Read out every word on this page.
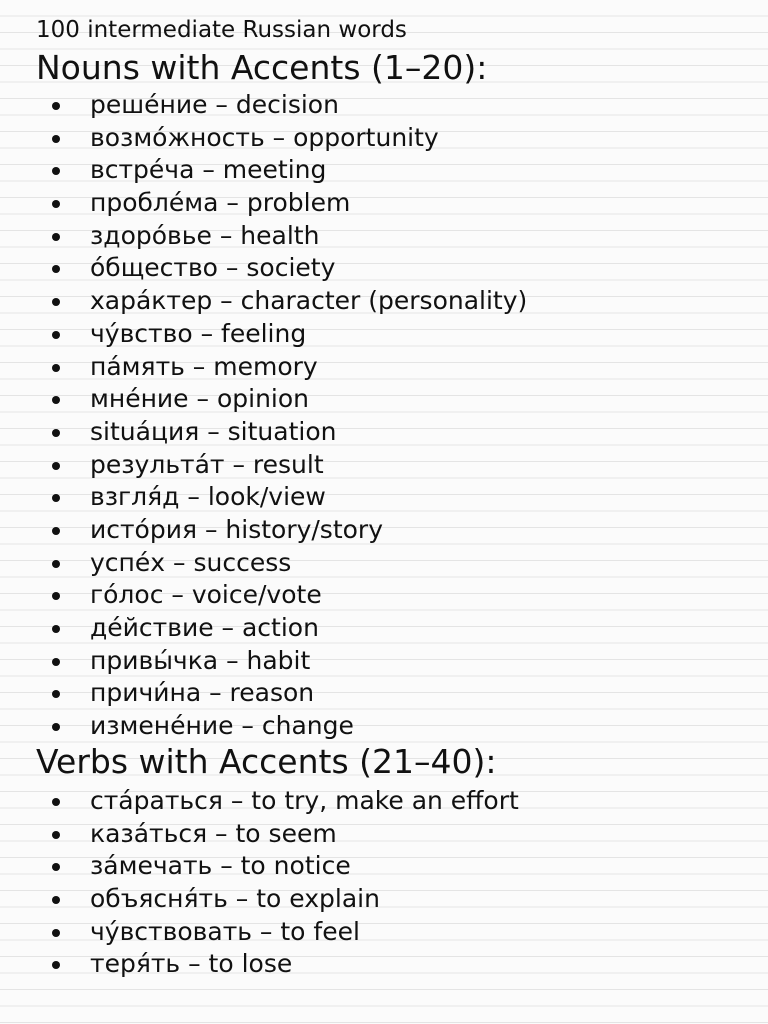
100 intermediate Russian words
Nouns with Accents (1–20):
реше́ние – decision
возмо́жность – opportunity
встре́ча – meeting
пробле́ма – problem
здоро́вье – health
о́бщество – society
хара́ктер – character (personality)
чу́вство – feeling
па́мять – memory
мне́ние – opinion
situа́ция – situation
результа́т – result
взгля́д – look/view
исто́рия – history/story
успе́х – success
го́лос – voice/vote
де́йствие – action
привы́чка – habit
причи́на – reason
измене́ние – change
Verbs with Accents (21–40):
ста́раться – to try, make an effort
каза́ться – to seem
за́мечать – to notice
объясня́ть – to explain
чу́вствовать – to feel
теря́ть – to lose
